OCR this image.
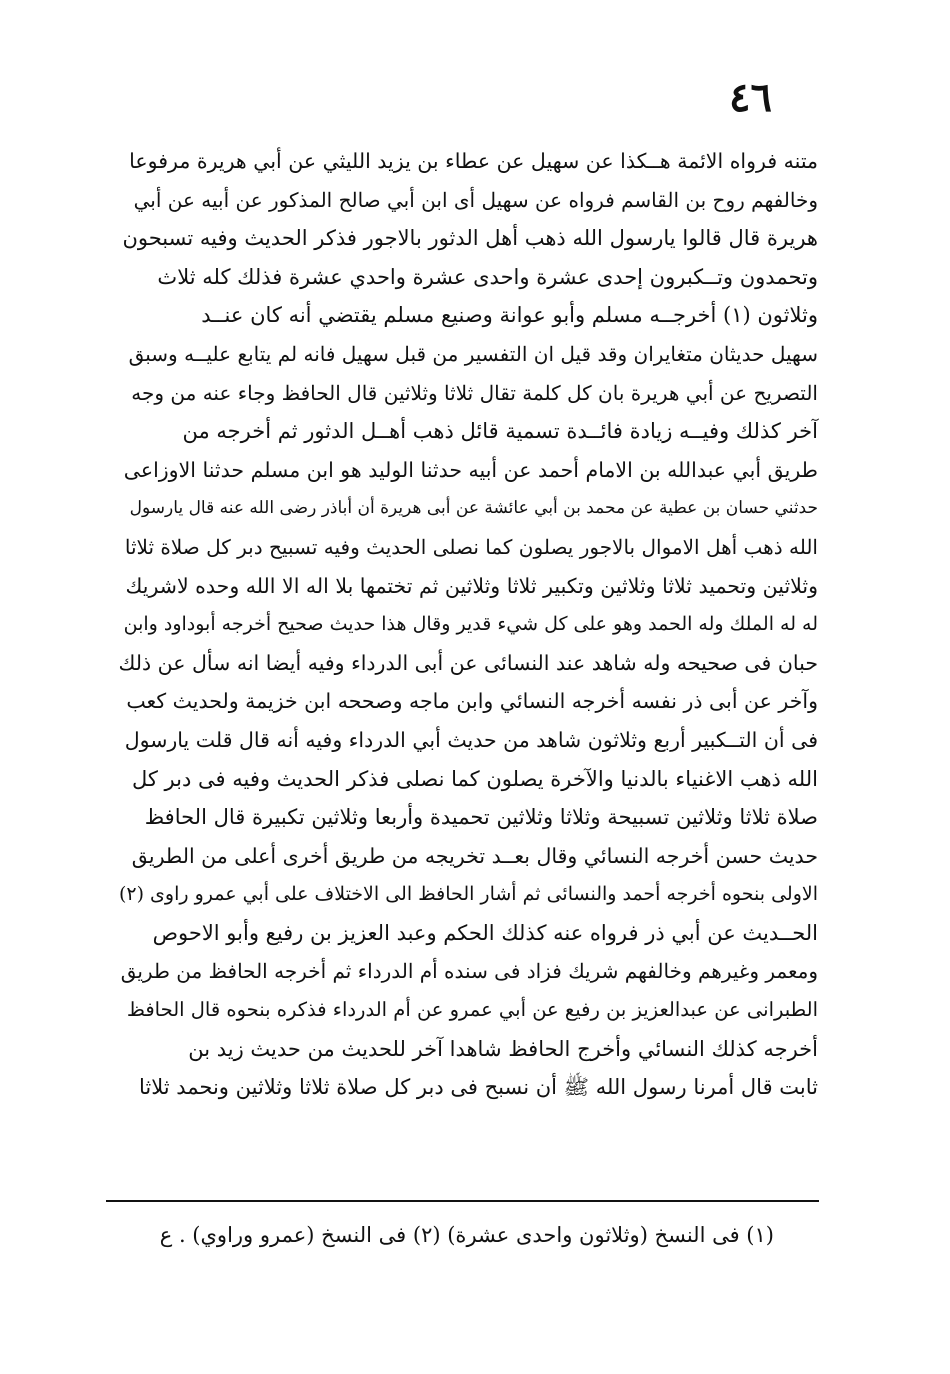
٤٦
متنه فرواه الائمة هــكذا عن سهيل عن عطاء بن يزيد الليثي عن أبي هريرة مرفوعا
وخالفهم روح بن القاسم فرواه عن سهيل أى ابن أبي صالح المذكور عن أبيه عن أبي
هريرة قال قالوا يارسول الله ذهب أهل الدثور بالاجور فذكر الحديث وفيه تسبحون
وتحمدون وتــكبرون إحدى عشرة واحدى عشرة واحدي عشرة فذلك كله ثلاث
وثلاثون (١) أخرجــه مسلم وأبو عوانة وصنيع مسلم يقتضي أنه كان عنــد
سهيل حديثان متغايران وقد قيل ان التفسير من قبل سهيل فانه لم يتابع عليــه وسبق
التصريح عن أبي هريرة بان كل كلمة تقال ثلاثا وثلاثين قال الحافظ وجاء عنه من وجه
آخر كذلك وفيــه زيادة فائــدة تسمية قائل ذهب أهــل الدثور ثم أخرجه من
طريق أبي عبدالله بن الامام أحمد عن أبيه حدثنا الوليد هو ابن مسلم حدثنا الاوزاعى
حدثني حسان بن عطية عن محمد بن أبي عائشة عن أبى هريرة أن أباذر رضى الله عنه قال يارسول
الله ذهب أهل الاموال بالاجور يصلون كما نصلى الحديث وفيه تسبيح دبر كل صلاة ثلاثا
وثلاثين وتحميد ثلاثا وثلاثين وتكبير ثلاثا وثلاثين ثم تختمها بلا اله الا الله وحده لاشريك
له له الملك وله الحمد وهو على كل شيء قدير وقال هذا حديث صحيح أخرجه أبوداود وابن
حبان فى صحيحه وله شاهد عند النسائى عن أبى الدرداء وفيه أيضا انه سأل عن ذلك
وآخر عن أبى ذر نفسه أخرجه النسائي وابن ماجه وصححه ابن خزيمة ولحديث كعب
فى أن التــكبير أربع وثلاثون شاهد من حديث أبي الدرداء وفيه أنه قال قلت يارسول
الله ذهب الاغنياء بالدنيا والآخرة يصلون كما نصلى فذكر الحديث وفيه فى دبر كل
صلاة ثلاثا وثلاثين تسبيحة وثلاثا وثلاثين تحميدة وأربعا وثلاثين تكبيرة قال الحافظ
حديث حسن أخرجه النسائي وقال بعــد تخريجه من طريق أخرى أعلى من الطريق
الاولى بنحوه أخرجه أحمد والنسائى ثم أشار الحافظ الى الاختلاف على أبي عمرو راوى (٢)
الحــديث عن أبي ذر فرواه عنه كذلك الحكم وعبد العزيز بن رفيع وأبو الاحوص
ومعمر وغيرهم وخالفهم شريك فزاد فى سنده أم الدرداء ثم أخرجه الحافظ من طريق
الطبرانى عن عبدالعزيز بن رفيع عن أبي عمرو عن أم الدرداء فذكره بنحوه قال الحافظ
أخرجه كذلك النسائي وأخرج الحافظ شاهدا آخر للحديث من حديث زيد بن
ثابت قال أمرنا رسول الله ﷺ أن نسبح فى دبر كل صلاة ثلاثا وثلاثين ونحمد ثلاثا
(١) فى النسخ (وثلاثون واحدى عشرة) (٢) فى النسخ (عمرو وراوي) . ع
